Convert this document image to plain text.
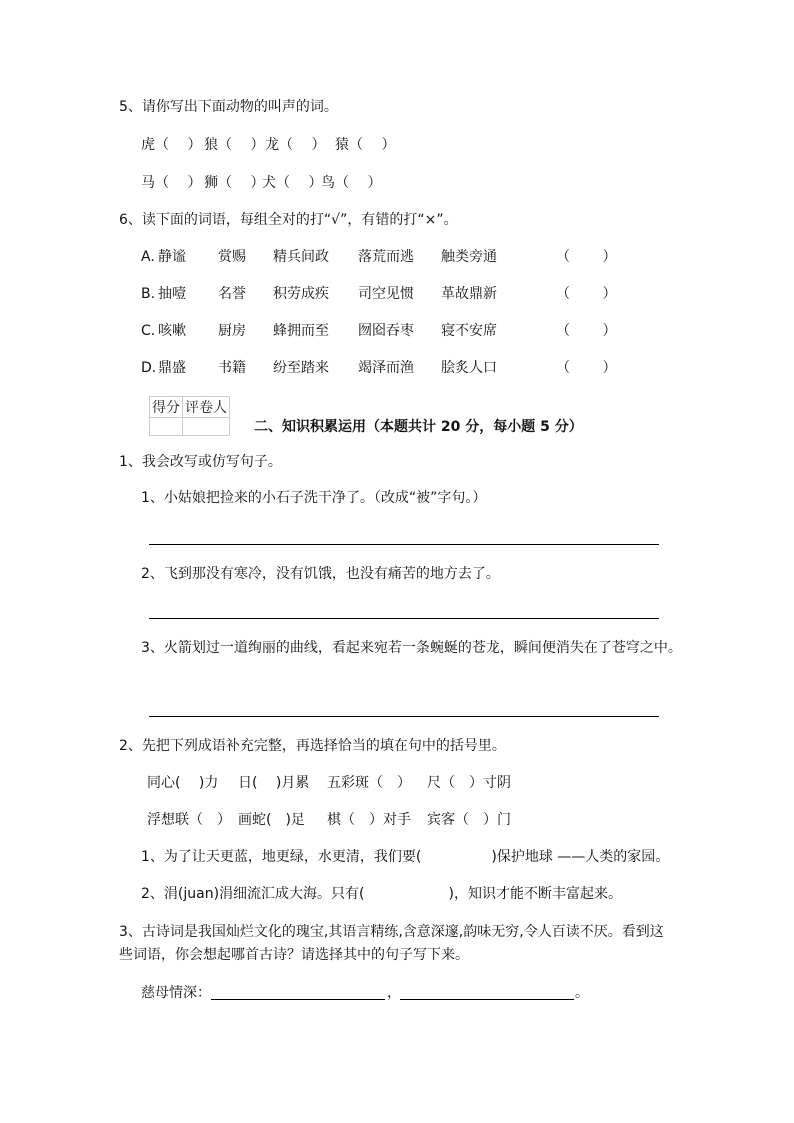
5、请你写出下面动物的叫声的词。
虎（　 ） 狼（　 ） 龙（　 ） 猿（　 ）
马（　 ） 狮（　 ）
犬（　 ）
鸟（　 ）
6、读下面的词语，每组全对的打“√”，有错的打“×”。
A. 静谧 赏赐 精兵间政 落荒而逃 触类旁通	（　　 ）
B. 抽噎 名誉 积劳成疾 司空见惯 革故鼎新	（　　 ）
C. 咳嗽 厨房 蜂拥而至 囫囵吞枣 寝不安席	（　　 ）
D. 鼎盛 书籍 纷至踏来 竭泽而渔 脍炙人口	（　　 ）
得分	评卷人

二、知识积累运用（本题共计 20 分，每小题 5 分）
1、我会改写或仿写句子。
1、小姑娘把捡来的小石子洗干净了。（改成“被”字句。）
2、飞到那没有寒冷，没有饥饿，也没有痛苦的地方去了。
3、火箭划过一道绚丽的曲线，看起来宛若一条蜿蜒的苍龙，瞬间便消失在了苍穹之中。
2、先把下列成语补充完整，再选择恰当的填在句中的括号里。
同心(　 )力 日(　 )月累 五彩斑（　） 尺（　）寸阴
浮想联（　） 画蛇(　)足 棋（　）对手 宾客（　）门
1、为了让天更蓝，地更绿，水更清，我们要(　　　　　)保护地球 ——人类的家园。
2、涓(juan)涓细流汇成大海。只有(　　　　　　)，知识才能不断丰富起来。
3、古诗词是我国灿烂文化的瑰宝,其语言精练,含意深邃,韵味无穷,令人百读不厌。看到这
些词语，你会想起哪首古诗？请选择其中的句子写下来。
慈母情深：	，	。
